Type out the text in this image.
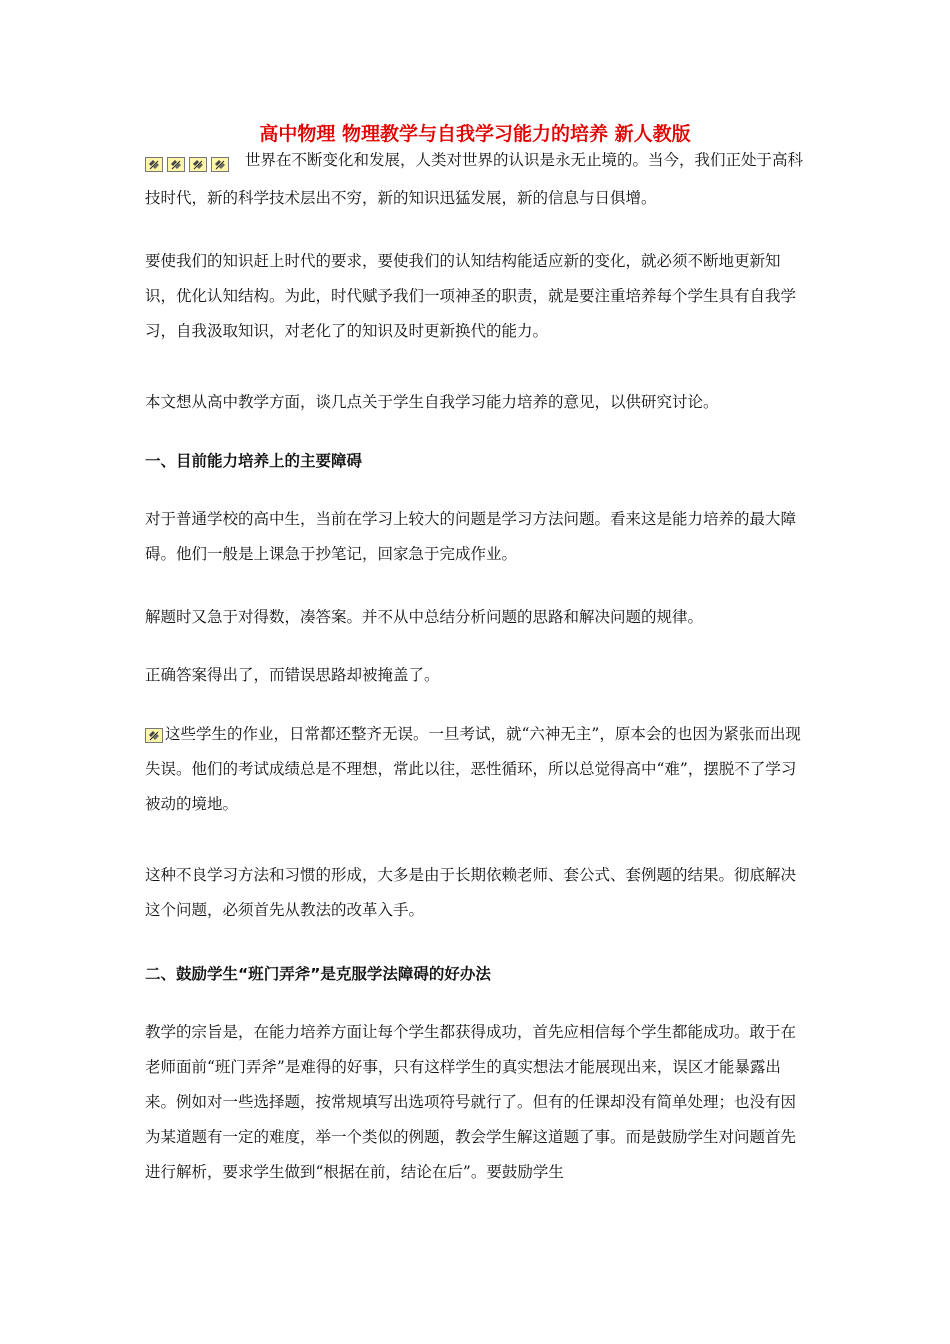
高中物理 物理教学与自我学习能力的培养 新人教版

世界在不断变化和发展，人类对世界的认识是永无止境的。当今，我们正处于高科技时代，新的科学技术层出不穷，新的知识迅猛发展，新的信息与日俱增。

要使我们的知识赶上时代的要求，要使我们的认知结构能适应新的变化，就必须不断地更新知识，优化认知结构。为此，时代赋予我们一项神圣的职责，就是要注重培养每个学生具有自我学习，自我汲取知识，对老化了的知识及时更新换代的能力。

本文想从高中教学方面，谈几点关于学生自我学习能力培养的意见，以供研究讨论。

一、目前能力培养上的主要障碍

对于普通学校的高中生，当前在学习上较大的问题是学习方法问题。看来这是能力培养的最大障碍。他们一般是上课急于抄笔记，回家急于完成作业。

解题时又急于对得数，凑答案。并不从中总结分析问题的思路和解决问题的规律。

正确答案得出了，而错误思路却被掩盖了。

这些学生的作业，日常都还整齐无误。一旦考试，就“六神无主”，原本会的也因为紧张而出现失误。他们的考试成绩总是不理想，常此以往，恶性循环，所以总觉得高中“难”，摆脱不了学习被动的境地。

这种不良学习方法和习惯的形成，大多是由于长期依赖老师、套公式、套例题的结果。彻底解决这个问题，必须首先从教法的改革入手。

二、鼓励学生“班门弄斧”是克服学法障碍的好办法

教学的宗旨是，在能力培养方面让每个学生都获得成功，首先应相信每个学生都能成功。敢于在老师面前“班门弄斧”是难得的好事，只有这样学生的真实想法才能展现出来，误区才能暴露出来。例如对一些选择题，按常规填写出选项符号就行了。但有的任课却没有简单处理；也没有因为某道题有一定的难度，举一个类似的例题，教会学生解这道题了事。而是鼓励学生对问题首先进行解析，要求学生做到“根据在前，结论在后”。要鼓励学生
